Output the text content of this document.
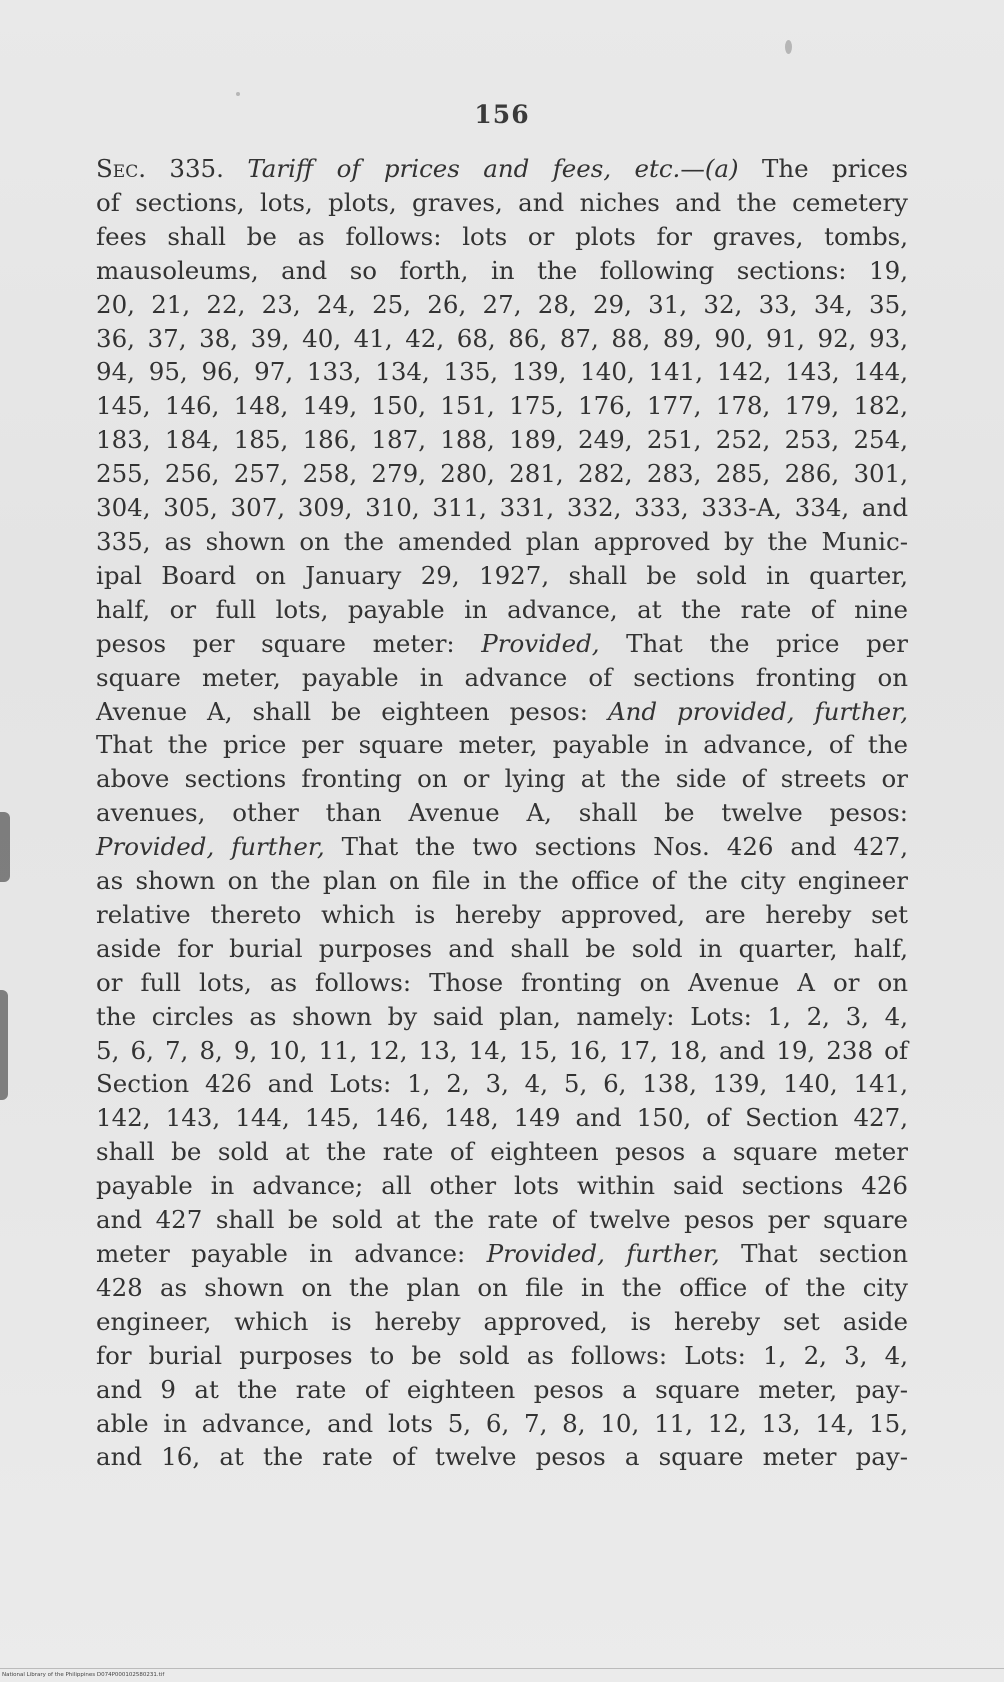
156
Sec. 335. Tariff of prices and fees, etc.—(a) The prices
of sections, lots, plots, graves, and niches and the cemetery
fees shall be as follows: lots or plots for graves, tombs,
mausoleums, and so forth, in the following sections: 19,
20, 21, 22, 23, 24, 25, 26, 27, 28, 29, 31, 32, 33, 34, 35,
36, 37, 38, 39, 40, 41, 42, 68, 86, 87, 88, 89, 90, 91, 92, 93,
94, 95, 96, 97, 133, 134, 135, 139, 140, 141, 142, 143, 144,
145, 146, 148, 149, 150, 151, 175, 176, 177, 178, 179, 182,
183, 184, 185, 186, 187, 188, 189, 249, 251, 252, 253, 254,
255, 256, 257, 258, 279, 280, 281, 282, 283, 285, 286, 301,
304, 305, 307, 309, 310, 311, 331, 332, 333, 333-A, 334, and
335, as shown on the amended plan approved by the Munic-
ipal Board on January 29, 1927, shall be sold in quarter,
half, or full lots, payable in advance, at the rate of nine
pesos per square meter: Provided, That the price per
square meter, payable in advance of sections fronting on
Avenue A, shall be eighteen pesos: And provided, further,
That the price per square meter, payable in advance, of the
above sections fronting on or lying at the side of streets or
avenues, other than Avenue A, shall be twelve pesos:
Provided, further, That the two sections Nos. 426 and 427,
as shown on the plan on file in the office of the city engineer
relative thereto which is hereby approved, are hereby set
aside for burial purposes and shall be sold in quarter, half,
or full lots, as follows: Those fronting on Avenue A or on
the circles as shown by said plan, namely: Lots: 1, 2, 3, 4,
5, 6, 7, 8, 9, 10, 11, 12, 13, 14, 15, 16, 17, 18, and 19, 238 of
Section 426 and Lots: 1, 2, 3, 4, 5, 6, 138, 139, 140, 141,
142, 143, 144, 145, 146, 148, 149 and 150, of Section 427,
shall be sold at the rate of eighteen pesos a square meter
payable in advance; all other lots within said sections 426
and 427 shall be sold at the rate of twelve pesos per square
meter payable in advance: Provided, further, That section
428 as shown on the plan on file in the office of the city
engineer, which is hereby approved, is hereby set aside
for burial purposes to be sold as follows: Lots: 1, 2, 3, 4,
and 9 at the rate of eighteen pesos a square meter, pay-
able in advance, and lots 5, 6, 7, 8, 10, 11, 12, 13, 14, 15,
and 16, at the rate of twelve pesos a square meter pay-
National Library of the Philippines D074P000102580231.tif
